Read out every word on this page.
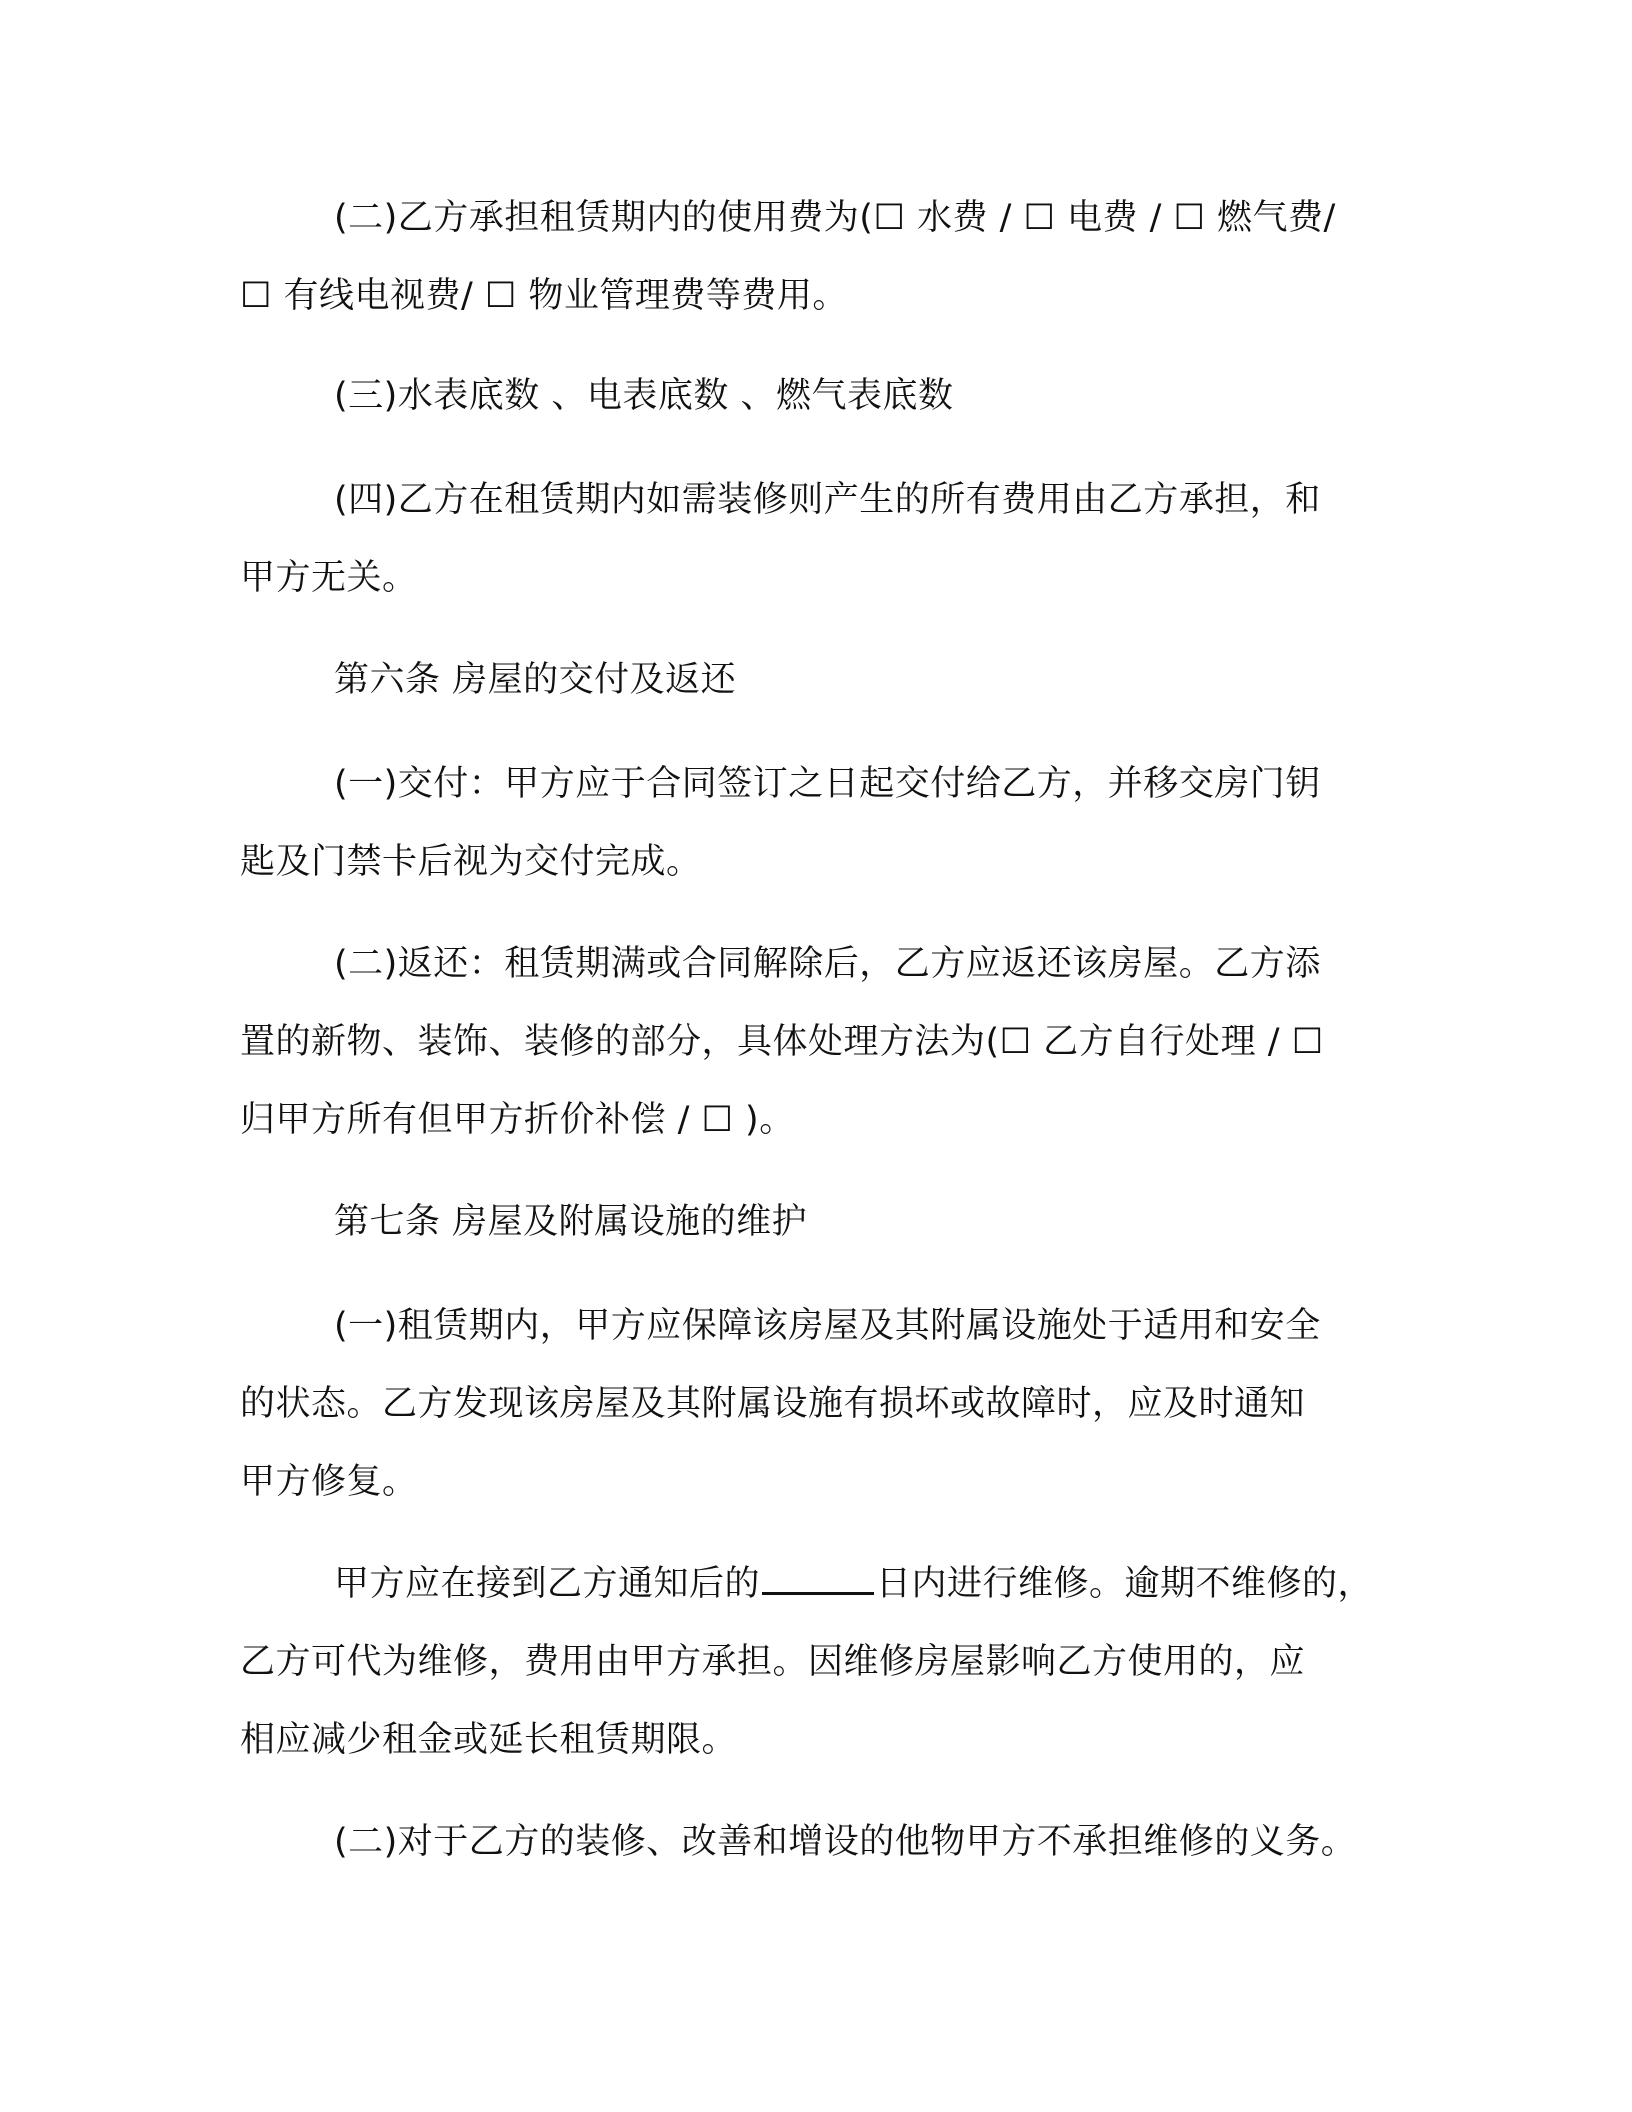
(二)乙方承担租赁期内的使用费为(☐ 水费 / ☐ 电费 / ☐ 燃气费/
☐ 有线电视费/ ☐ 物业管理费等费用。
(三)水表底数 、电表底数 、燃气表底数
(四)乙方在租赁期内如需装修则产生的所有费用由乙方承担，和
甲方无关。
第六条 房屋的交付及返还
(一)交付：甲方应于合同签订之日起交付给乙方，并移交房门钥
匙及门禁卡后视为交付完成。
(二)返还：租赁期满或合同解除后，乙方应返还该房屋。乙方添
置的新物、装饰、装修的部分，具体处理方法为(☐ 乙方自行处理 / ☐
归甲方所有但甲方折价补偿 / ☐ )。
第七条 房屋及附属设施的维护
(一)租赁期内，甲方应保障该房屋及其附属设施处于适用和安全
的状态。乙方发现该房屋及其附属设施有损坏或故障时，应及时通知
甲方修复。
甲方应在接到乙方通知后的	日内进行维修。逾期不维修的，
乙方可代为维修，费用由甲方承担。因维修房屋影响乙方使用的，应
相应减少租金或延长租赁期限。
(二)对于乙方的装修、改善和增设的他物甲方不承担维修的义务。
